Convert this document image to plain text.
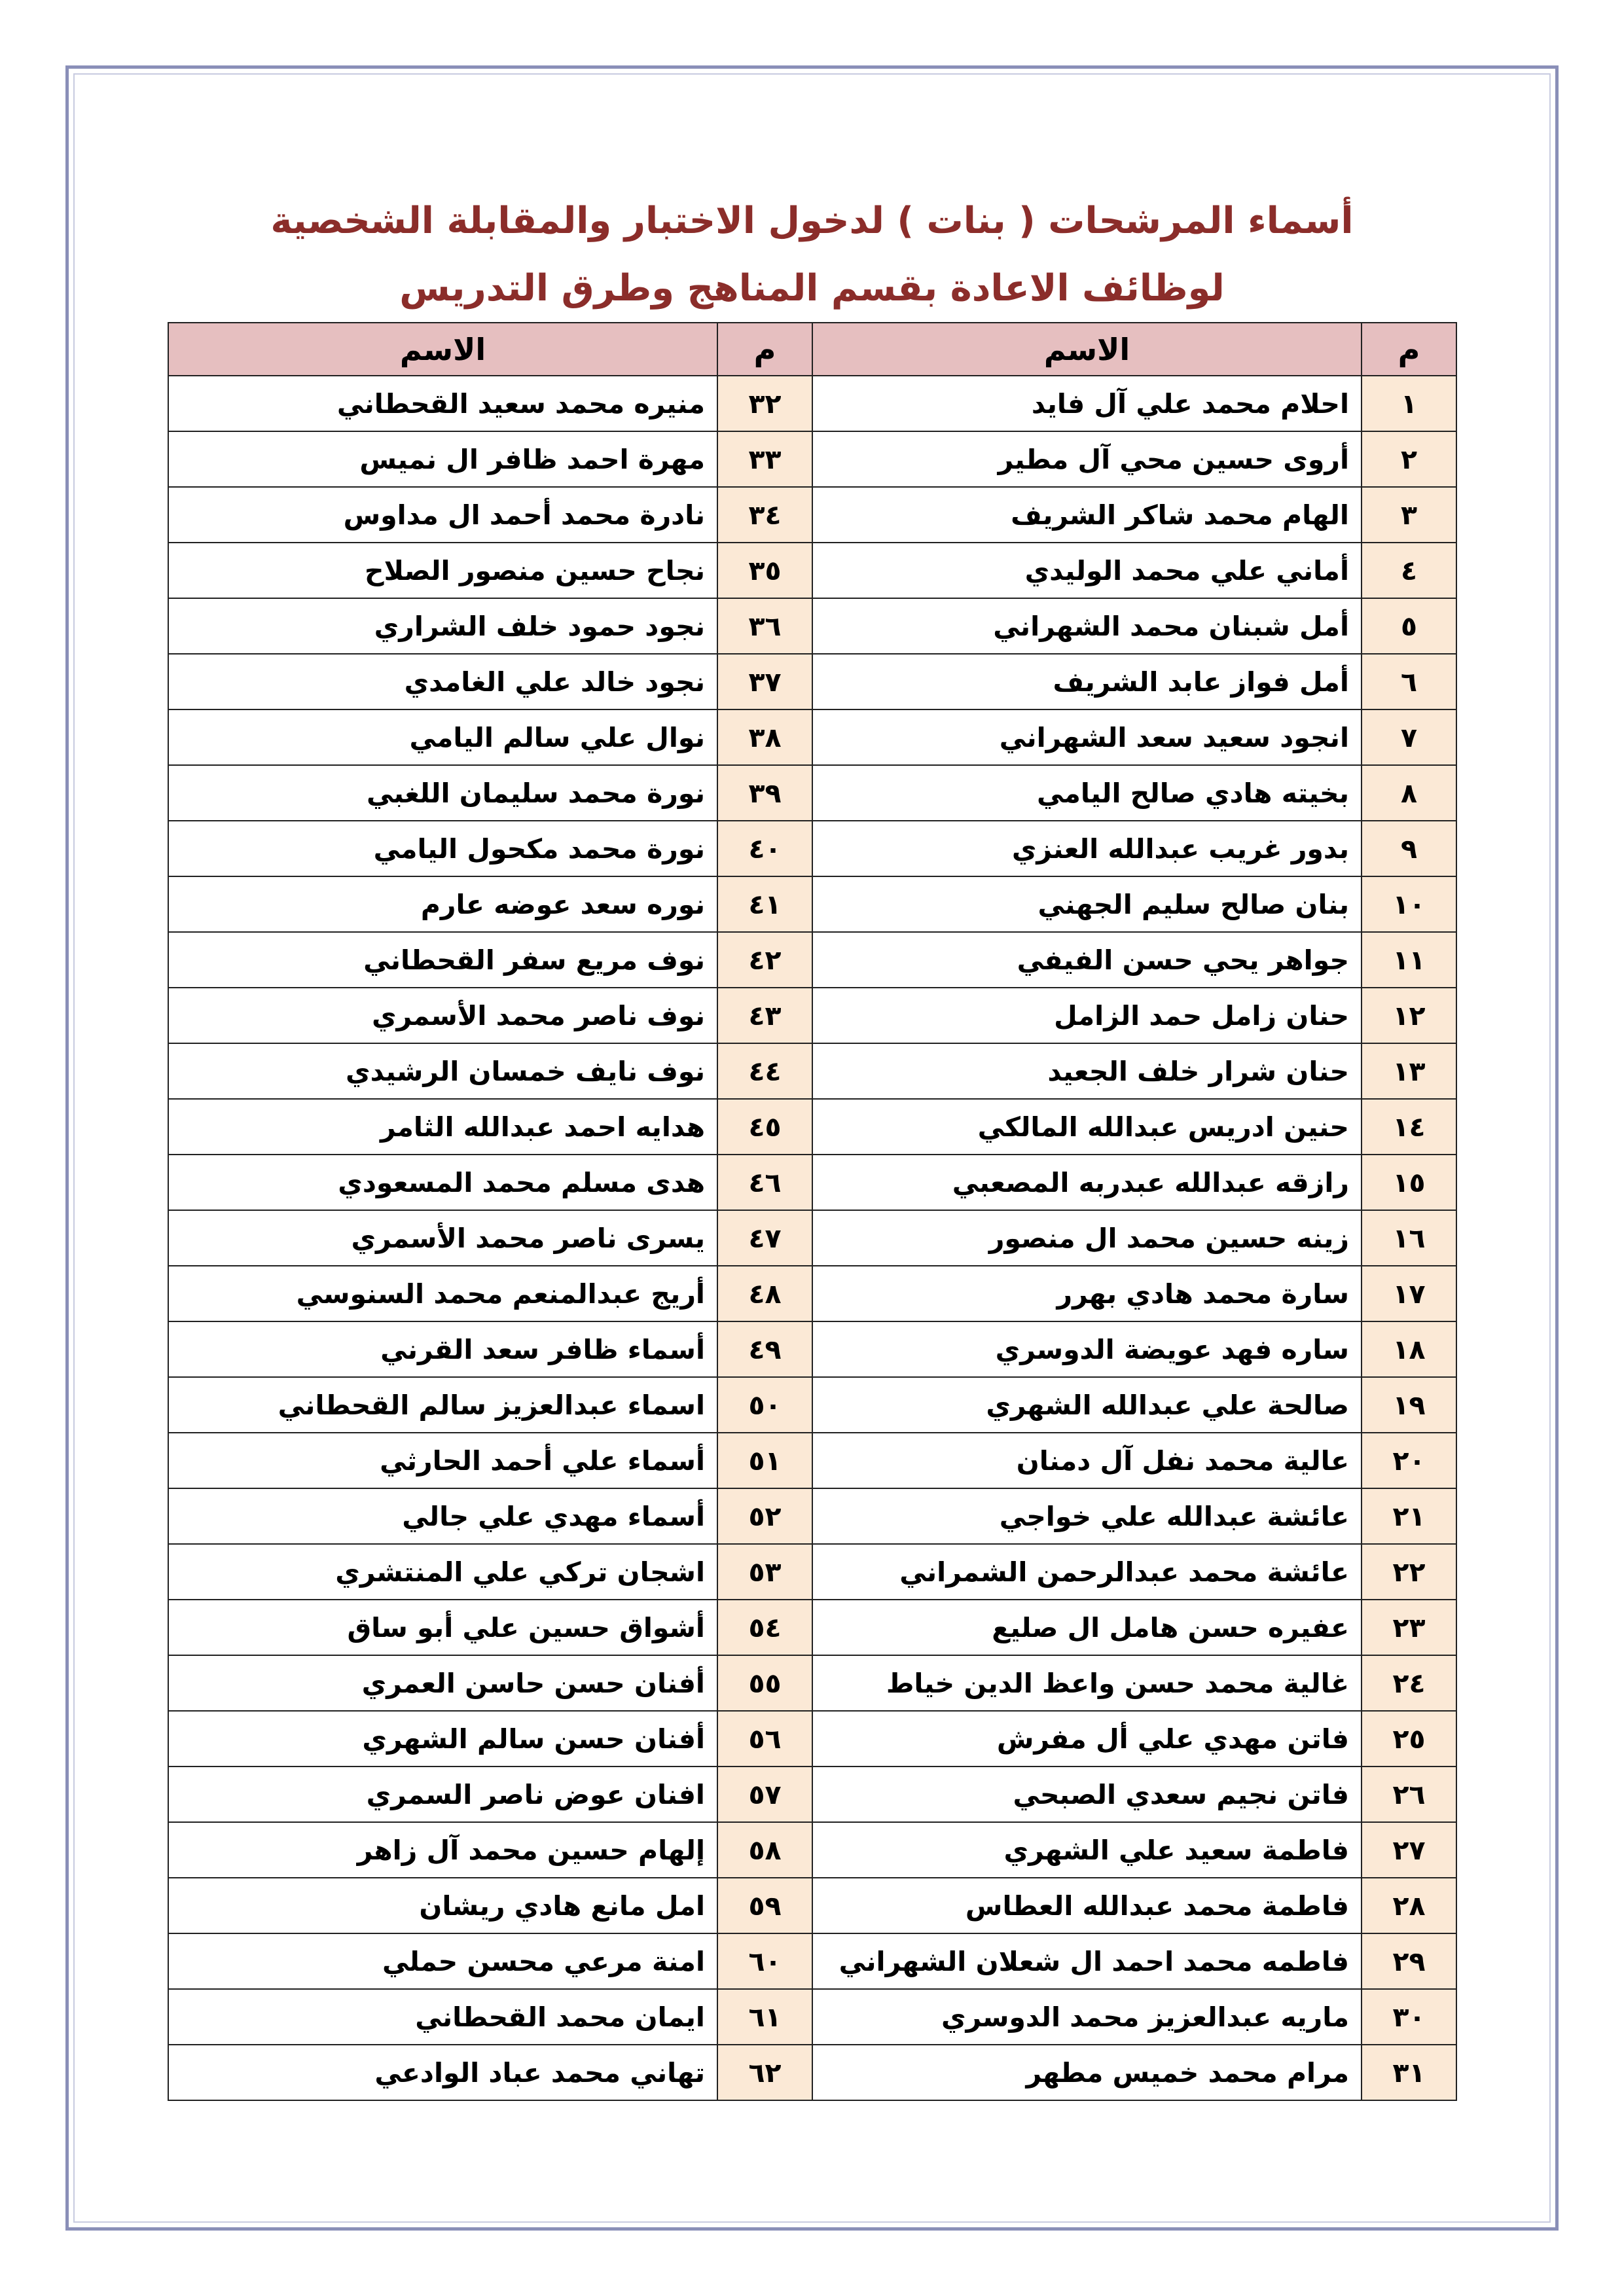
أسماء المرشحات ( بنات ) لدخول الاختبار والمقابلة الشخصية
لوظائف الاعادة بقسم المناهج وطرق التدريس
م	الاسم	م	الاسم
١	احلام محمد علي آل فايد	٣٢	منيره محمد سعيد القحطاني
٢	أروى حسين محي آل مطير	٣٣	مهرة احمد ظافر ال نميس
٣	الهام محمد شاكر الشريف	٣٤	نادرة محمد أحمد ال مداوس
٤	أماني علي محمد الوليدي	٣٥	نجاح حسين منصور الصلاح
٥	أمل شبنان محمد الشهراني	٣٦	نجود حمود خلف الشراري
٦	أمل فواز عابد الشريف	٣٧	نجود خالد علي الغامدي
٧	انجود سعيد سعد الشهراني	٣٨	نوال علي سالم اليامي
٨	بخيته هادي صالح اليامي	٣٩	نورة محمد سليمان اللغبي
٩	بدور غريب عبدالله العنزي	٤٠	نورة محمد مكحول اليامي
١٠	بنان صالح سليم الجهني	٤١	نوره سعد عوضه عارم
١١	جواهر يحي حسن الفيفي	٤٢	نوف مريع سفر القحطاني
١٢	حنان زامل حمد الزامل	٤٣	نوف ناصر محمد الأسمري
١٣	حنان شرار خلف الجعيد	٤٤	نوف نايف خمسان الرشيدي
١٤	حنين ادريس عبدالله المالكي	٤٥	هدايه احمد عبدالله الثامر
١٥	رازقه عبدالله عبدربه المصعبي	٤٦	هدى مسلم محمد المسعودي
١٦	زينه حسين محمد ال منصور	٤٧	يسرى ناصر محمد الأسمري
١٧	سارة محمد هادي بهرر	٤٨	أريج عبدالمنعم محمد السنوسي
١٨	ساره فهد عويضة الدوسري	٤٩	أسماء ظافر سعد القرني
١٩	صالحة علي عبدالله الشهري	٥٠	اسماء عبدالعزيز سالم القحطاني
٢٠	عالية محمد نفل آل دمنان	٥١	أسماء علي أحمد الحارثي
٢١	عائشة عبدالله علي خواجي	٥٢	أسماء مهدي علي جالي
٢٢	عائشة محمد عبدالرحمن الشمراني	٥٣	اشجان تركي علي المنتشري
٢٣	عفيره حسن هامل ال صليع	٥٤	أشواق حسين علي أبو ساق
٢٤	غالية محمد حسن واعظ الدين خياط	٥٥	أفنان حسن حاسن العمري
٢٥	فاتن مهدي علي أل مفرش	٥٦	أفنان حسن سالم الشهري
٢٦	فاتن نجيم سعدي الصبحي	٥٧	افنان عوض ناصر السمري
٢٧	فاطمة سعيد علي الشهري	٥٨	إلهام حسين محمد آل زاهر
٢٨	فاطمة محمد عبدالله العطاس	٥٩	امل مانع هادي ريشان
٢٩	فاطمه محمد احمد ال شعلان الشهراني	٦٠	امنة مرعي محسن حملي
٣٠	ماريه عبدالعزيز محمد الدوسري	٦١	ايمان محمد القحطاني
٣١	مرام محمد خميس مطهر	٦٢	تهاني محمد عباد الوادعي
